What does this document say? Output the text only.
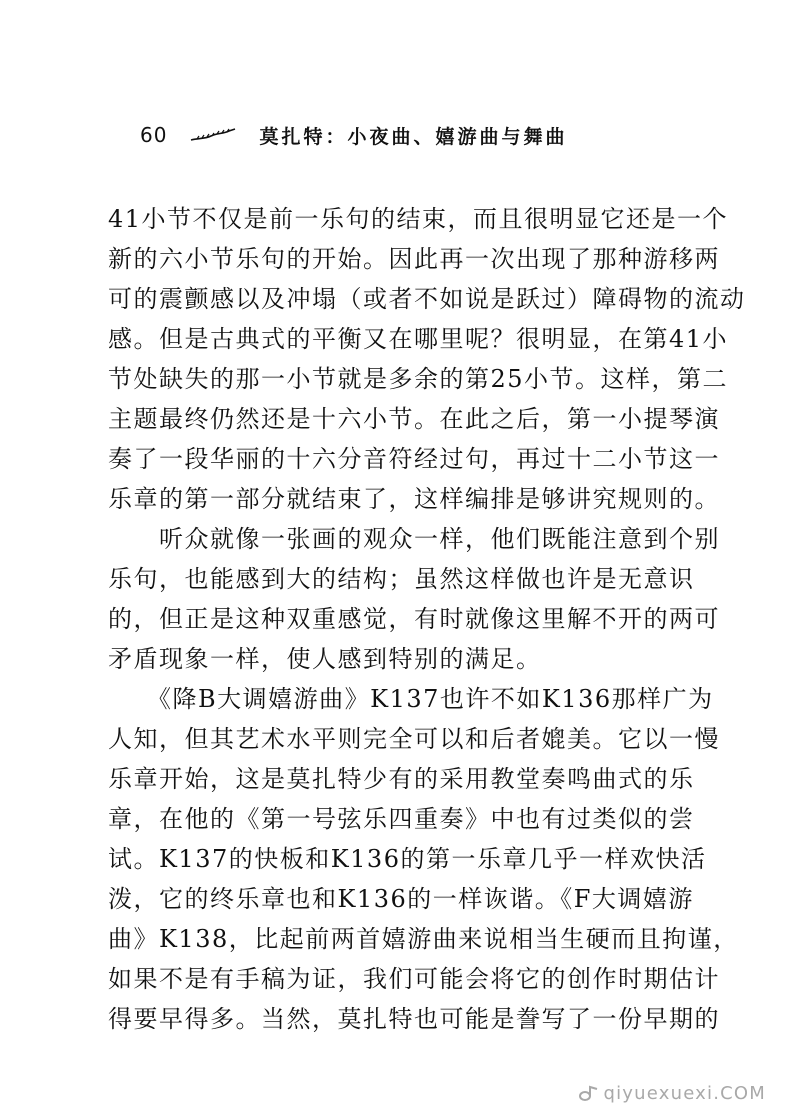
60	莫扎特：小夜曲、嬉游曲与舞曲
41小节不仅是前一乐句的结束，而且很明显它还是一个
新的六小节乐句的开始。因此再一次出现了那种游移两
可的震颤感以及冲塌（或者不如说是跃过）障碍物的流动
感。但是古典式的平衡又在哪里呢？很明显，在第41小
节处缺失的那一小节就是多余的第25小节。这样，第二
主题最终仍然还是十六小节。在此之后，第一小提琴演
奏了一段华丽的十六分音符经过句，再过十二小节这一
乐章的第一部分就结束了，这样编排是够讲究规则的。
　　听众就像一张画的观众一样，他们既能注意到个别
乐句，也能感到大的结构；虽然这样做也许是无意识
的，但正是这种双重感觉，有时就像这里解不开的两可
矛盾现象一样，使人感到特别的满足。
　　《降B大调嬉游曲》K137也许不如K136那样广为
人知，但其艺术水平则完全可以和后者媲美。它以一慢
乐章开始，这是莫扎特少有的采用教堂奏鸣曲式的乐
章，在他的《第一号弦乐四重奏》中也有过类似的尝
试。K137的快板和K136的第一乐章几乎一样欢快活
泼，它的终乐章也和K136的一样诙谐。《F大调嬉游
曲》K138，比起前两首嬉游曲来说相当生硬而且拘谨，
如果不是有手稿为证，我们可能会将它的创作时期估计
得要早得多。当然，莫扎特也可能是誊写了一份早期的
qiyuexuexi.COM
